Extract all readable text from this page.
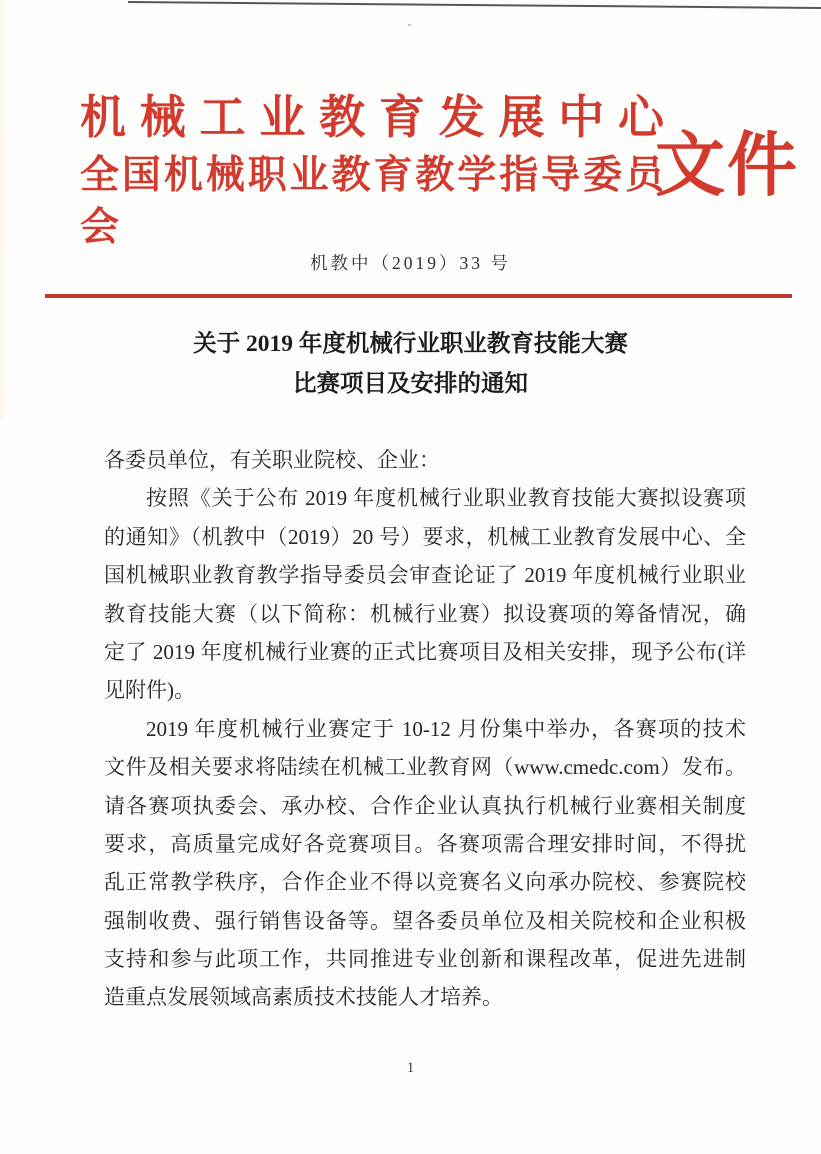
机械工业教育发展中心
全国机械职业教育教学指导委员会
文件
机教中（2019）33 号
关于 2019 年度机械行业职业教育技能大赛
比赛项目及安排的通知
各委员单位，有关职业院校、企业：
按照《关于公布 2019 年度机械行业职业教育技能大赛拟设赛项
的通知》（机教中（2019）20 号）要求，机械工业教育发展中心、全
国机械职业教育教学指导委员会审查论证了 2019 年度机械行业职业
教育技能大赛（以下简称：机械行业赛）拟设赛项的筹备情况，确
定了 2019 年度机械行业赛的正式比赛项目及相关安排，现予公布(详
见附件)。
2019 年度机械行业赛定于 10-12 月份集中举办，各赛项的技术
文件及相关要求将陆续在机械工业教育网（www.cmedc.com）发布。
请各赛项执委会、承办校、合作企业认真执行机械行业赛相关制度
要求，高质量完成好各竞赛项目。各赛项需合理安排时间，不得扰
乱正常教学秩序，合作企业不得以竞赛名义向承办院校、参赛院校
强制收费、强行销售设备等。望各委员单位及相关院校和企业积极
支持和参与此项工作，共同推进专业创新和课程改革，促进先进制
造重点发展领域高素质技术技能人才培养。
1
